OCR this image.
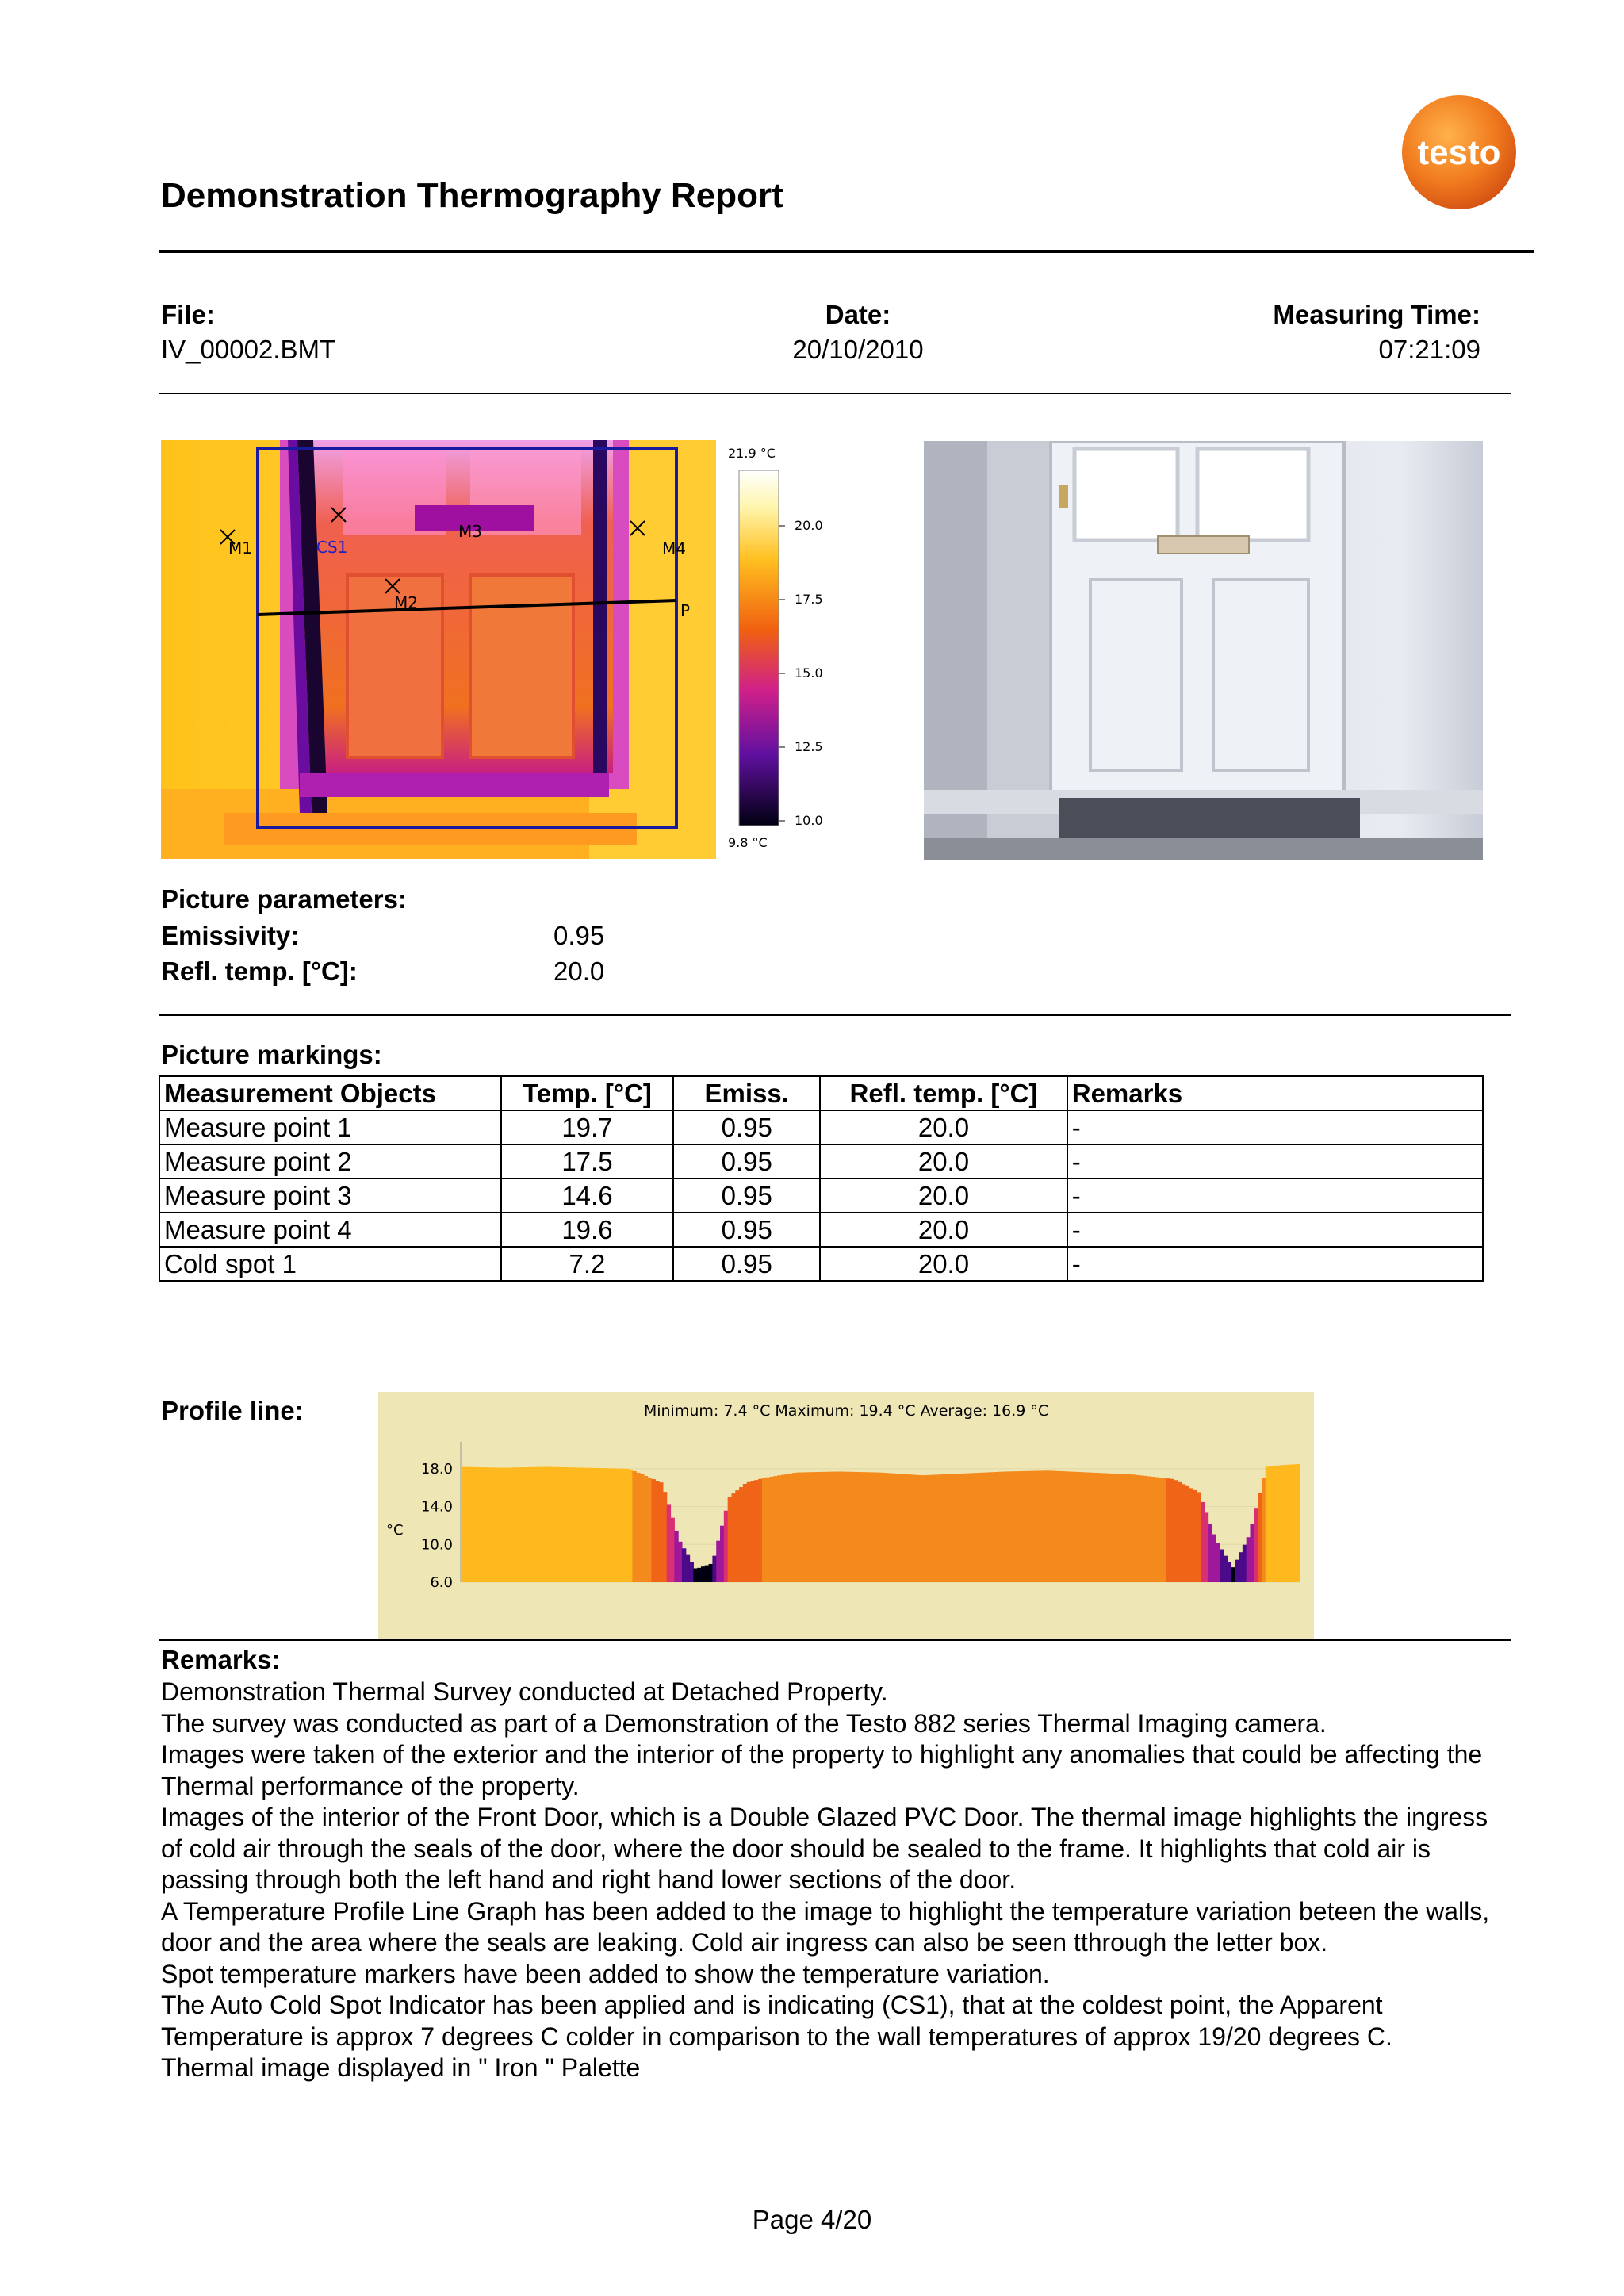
Demonstration Thermography Report
testo
File:
IV_00002.BMT
Date:
20/10/2010
Measuring Time:
07:21:09
M1	CS1
M3
M4
M2	P
21.9 °C
20.0
17.5
15.0
12.5
10.0
9.8 °C
Picture parameters:
Emissivity:	0.95
Refl. temp. [°C]:	20.0
Picture markings:
Measurement Objects	Temp. [°C]	Emiss.	Refl. temp. [°C]	Remarks
Measure point 1	19.7	0.95	20.0	-
Measure point 2	17.5	0.95	20.0	-
Measure point 3	14.6	0.95	20.0	-
Measure point 4	19.6	0.95	20.0	-
Cold spot 1	7.2	0.95	20.0	-
Profile line:	Minimum: 7.4 °C Maximum: 19.4 °C Average: 16.9 °C
°C
18.0
14.0
10.0
6.0
Remarks:

Demonstration Thermal Survey conducted at Detached Property.

The survey was conducted as part of a Demonstration of the Testo 882 series Thermal Imaging camera.

Images were taken of the exterior and the interior of the property to highlight any anomalies that could be affecting the Thermal performance of the property.

Images of the interior of the Front Door, which is a Double Glazed PVC Door. The thermal image highlights the ingress of cold air through the seals of the door, where the door should be sealed to the frame. It highlights that cold air is passing through both the left hand and right hand lower sections of the door.

A Temperature Profile Line Graph has been added to the image to highlight the temperature variation beteen the walls, door and the area where the seals are leaking. Cold air ingress can also be seen tthrough the letter box.

Spot temperature markers have been added to show the temperature variation.

The Auto Cold Spot Indicator has been applied and is indicating (CS1), that at the coldest point, the Apparent Temperature is approx 7 degrees C colder in comparison to the wall temperatures of approx 19/20 degrees C.

Thermal image displayed in " Iron " Palette

Page 4/20
